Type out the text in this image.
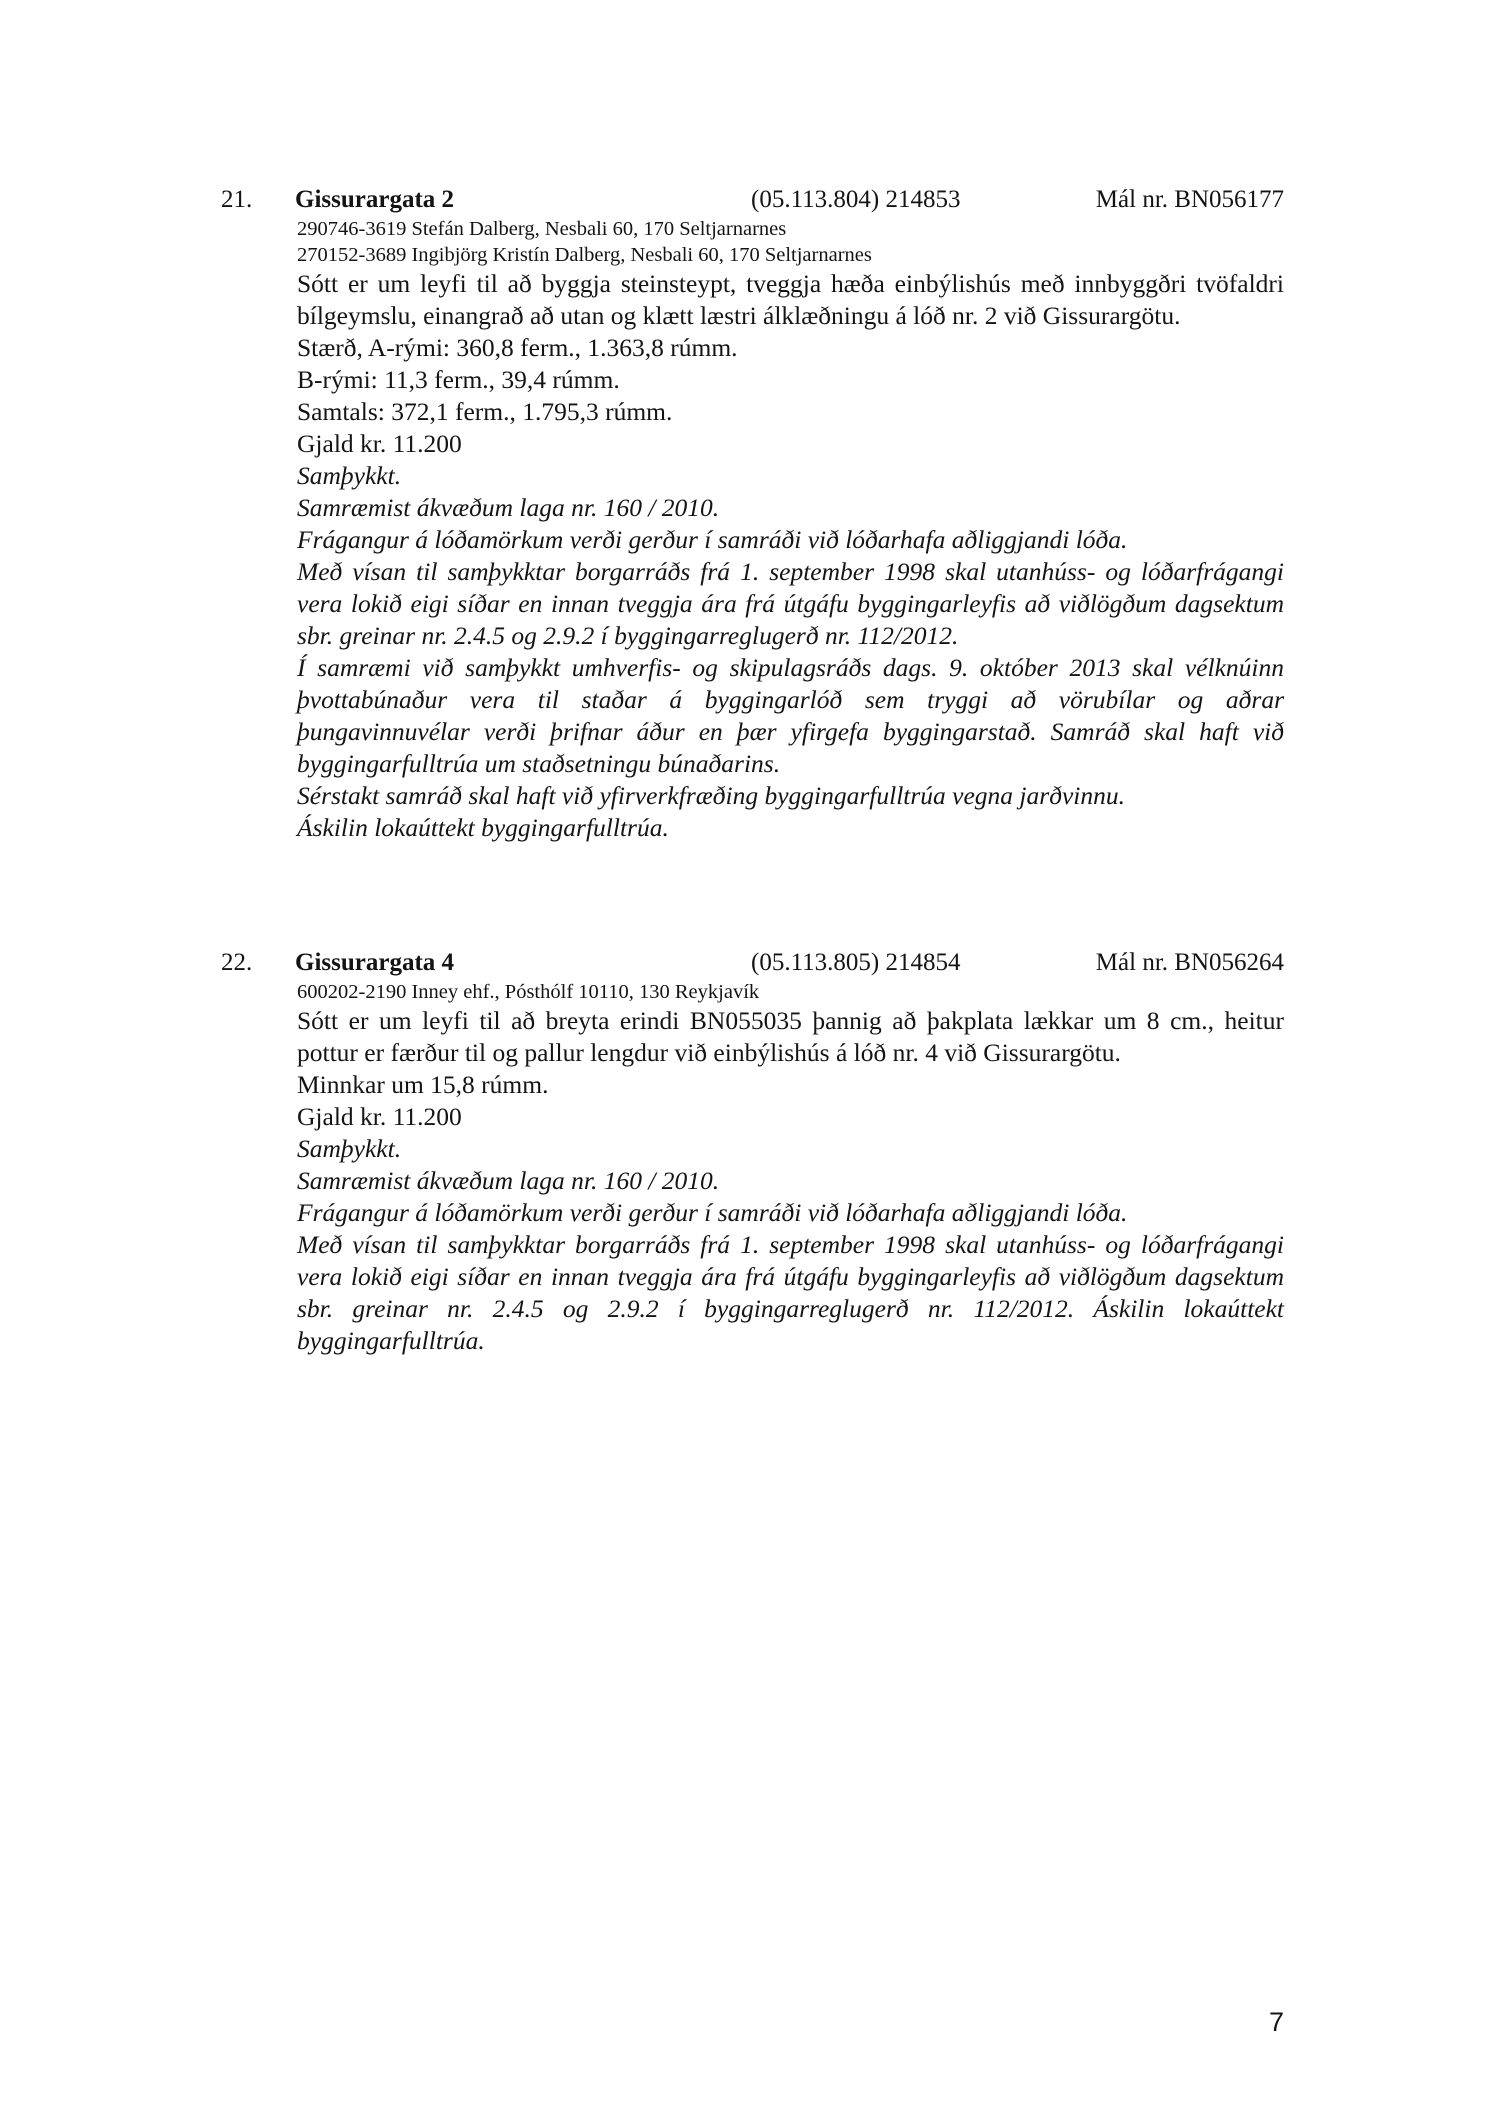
21. Gissurargata 2	(05.113.804) 214853	Mál nr. BN056177

290746-3619 Stefán Dalberg, Nesbali 60, 170 Seltjarnarnes

270152-3689 Ingibjörg Kristín Dalberg, Nesbali 60, 170 Seltjarnarnes

Sótt er um leyfi til að byggja steinsteypt, tveggja hæða einbýlishús með innbyggðri tvöfaldri bílgeymslu, einangrað að utan og klætt læstri álklæðningu á lóð nr. 2 við Gissurargötu.

Stærð, A-rými: 360,8 ferm., 1.363,8 rúmm.

B-rými: 11,3 ferm., 39,4 rúmm.

Samtals: 372,1 ferm., 1.795,3 rúmm.

Gjald kr. 11.200

Samþykkt.

Samræmist ákvæðum laga nr. 160 / 2010.

Frágangur á lóðamörkum verði gerður í samráði við lóðarhafa aðliggjandi lóða.

Með vísan til samþykktar borgarráðs frá 1. september 1998 skal utanhúss- og lóðarfrágangi vera lokið eigi síðar en innan tveggja ára frá útgáfu byggingarleyfis að viðlögðum dagsektum sbr. greinar nr. 2.4.5 og 2.9.2 í byggingarreglugerð nr. 112/2012.

Í samræmi við samþykkt umhverfis- og skipulagsráðs dags. 9. október 2013 skal vélknúinn þvottabúnaður vera til staðar á byggingarlóð sem tryggi að vörubílar og aðrar þungavinnuvélar verði þrifnar áður en þær yfirgefa byggingarstað. Samráð skal haft við byggingarfulltrúa um staðsetningu búnaðarins.

Sérstakt samráð skal haft við yfirverkfræðing byggingarfulltrúa vegna jarðvinnu.

Áskilin lokaúttekt byggingarfulltrúa.

22. Gissurargata 4	(05.113.805) 214854	Mál nr. BN056264

600202-2190 Inney ehf., Pósthólf 10110, 130 Reykjavík

Sótt er um leyfi til að breyta erindi BN055035 þannig að þakplata lækkar um 8 cm., heitur pottur er færður til og pallur lengdur við einbýlishús á lóð nr. 4 við Gissurargötu.

Minnkar um 15,8 rúmm.

Gjald kr. 11.200

Samþykkt.

Samræmist ákvæðum laga nr. 160 / 2010.

Frágangur á lóðamörkum verði gerður í samráði við lóðarhafa aðliggjandi lóða.

Með vísan til samþykktar borgarráðs frá 1. september 1998 skal utanhúss- og lóðarfrágangi vera lokið eigi síðar en innan tveggja ára frá útgáfu byggingarleyfis að viðlögðum dagsektum sbr. greinar nr. 2.4.5 og 2.9.2 í byggingarreglugerð nr. 112/2012. Áskilin lokaúttekt byggingarfulltrúa.

7
